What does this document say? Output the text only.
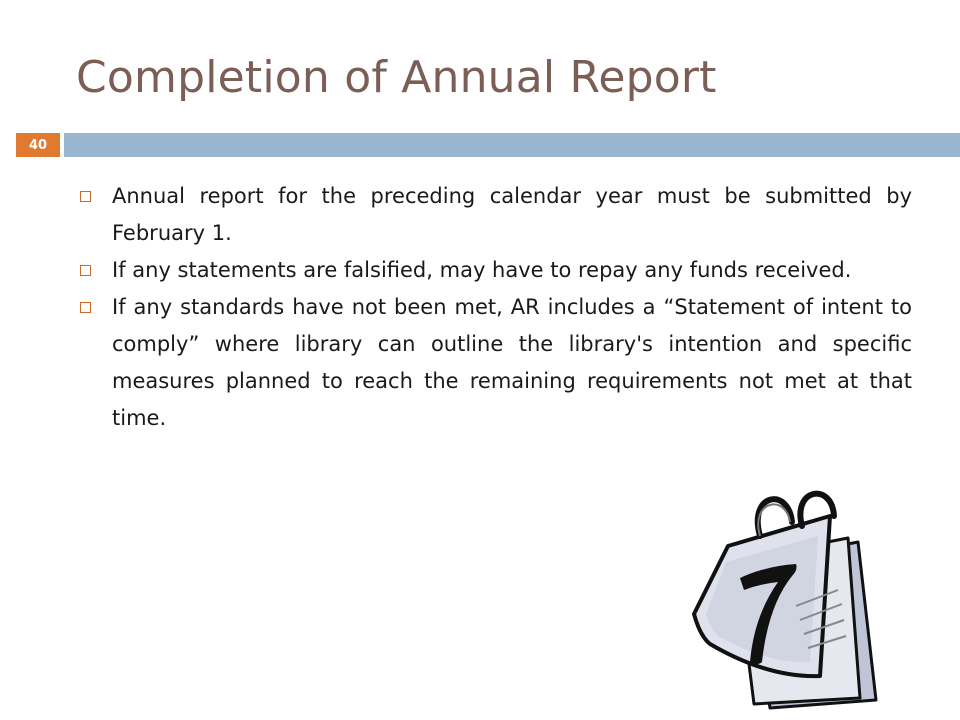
Completion of Annual Report
40
Annual report for the preceding calendar year must be submitted by February 1.
If any statements are falsified, may have to repay any funds received.
If any standards have not been met, AR includes a “Statement of intent to comply” where library can outline the library's intention and specific measures planned to reach the remaining requirements not met at that time.
7
